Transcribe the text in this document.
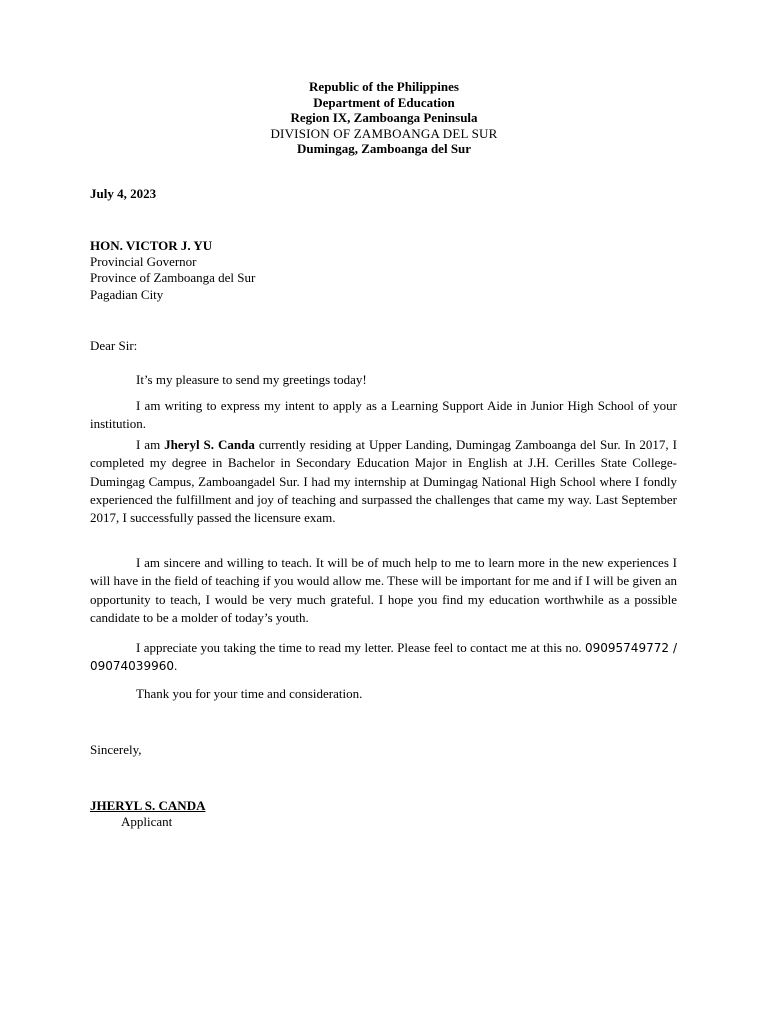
Republic of the Philippines
Department of Education
Region IX, Zamboanga Peninsula
DIVISION OF ZAMBOANGA DEL SUR
Dumingag, Zamboanga del Sur
July 4, 2023
HON. VICTOR J. YU
Provincial Governor
Province of Zamboanga del Sur
Pagadian City
Dear Sir:

It’s my pleasure to send my greetings today!

I am writing to express my intent to apply as a Learning Support Aide in Junior High School of your institution.

I am Jheryl S. Canda currently residing at Upper Landing, Dumingag Zamboanga del Sur. In 2017, I completed my degree in Bachelor in Secondary Education Major in English at J.H. Cerilles State College- Dumingag Campus, Zamboangadel Sur. I had my internship at Dumingag National High School where I fondly experienced the fulfillment and joy of teaching and surpassed the challenges that came my way. Last September 2017, I successfully passed the licensure exam.

I am sincere and willing to teach. It will be of much help to me to learn more in the new experiences I will have in the field of teaching if you would allow me. These will be important for me and if I will be given an opportunity to teach, I would be very much grateful. I hope you find my education worthwhile as a possible candidate to be a molder of today’s youth.

I appreciate you taking the time to read my letter. Please feel to contact me at this no. 09095749772 / 09074039960.

Thank you for your time and consideration.

Sincerely,
JHERYL S. CANDA
Applicant
